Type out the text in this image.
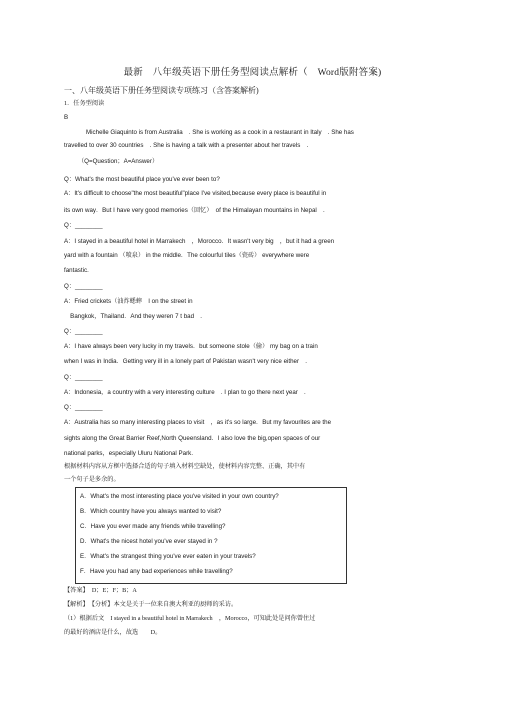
最新　八年级英语下册任务型阅读点解析（　Word版附答案)
一、八年级英语下册任务型阅读专项练习（含答案解析)
1．任务型阅读
B
Michelle Giaquinto is from Australia　. She is working as a cook in a restaurant in Italy　. She has
travelled to over 30 countries　. She is having a talk with a presenter about her travels　.
（Q=Question；A=Answer）
Q：What's the most beautiful place you've ever been to?
A：It's difficult to choose"the most beautiful"place I've visited,because every place is beautiful in
its own way．But I have very good memories（回忆）　of the Himalayan mountains in Nepal　.
Q：________
A：I stayed in a beautiful hotel in Marrakech　，Morocco．It wasn't very big　，but it had a green
yard with a fountain （喷泉） in the middle．The colourful tiles（瓷砖） everywhere were
fantastic．
Q：________
A：Fried crickets（油炸蟋蟀　I on the street in
　Bangkok，Thailand．And they weren 7 t bad　.
Q：________
A：I have always been very lucky in my travels．but someone stole（偷） my bag on a train
when I was in India．Getting very ill in a lonely part of Pakistan wasn't very nice either　.
Q：________
A：Indonesia，a country with a very interesting culture　. I plan to go there next year　.
Q：________
A：Australia has so many interesting places to visit　，as it's so large．But my favourites are the
sights along the Great Barrier Reef,North Queensland．I also love the big,open spaces of our
national parks，especially Uluru National Park．
根据材料内容从方框中选择合适的句子填入材料空缺处，使材料内容完整、正确，其中有
一个句子是多余的。
A．What's the most interesting place you've visited in your own country?
B．Which country have you always wanted to visit?
C．Have you ever made any friends while travelling?
D．What's the nicest hotel you've ever stayed in ?
E．What's the strangest thing you've ever eaten in your travels?
F．Have you had any bad experiences while travelling?
【答案】　D；E；F；B；A
【解析】　【分析】本文是关于一位来自澳大利亚的厨师的采访。
（1）根据后文　I stayed in a beautiful hotel in Marrakech　，Morocco，可知此处是问你曾住过
的最好的酒店是什么，故选　　D。
